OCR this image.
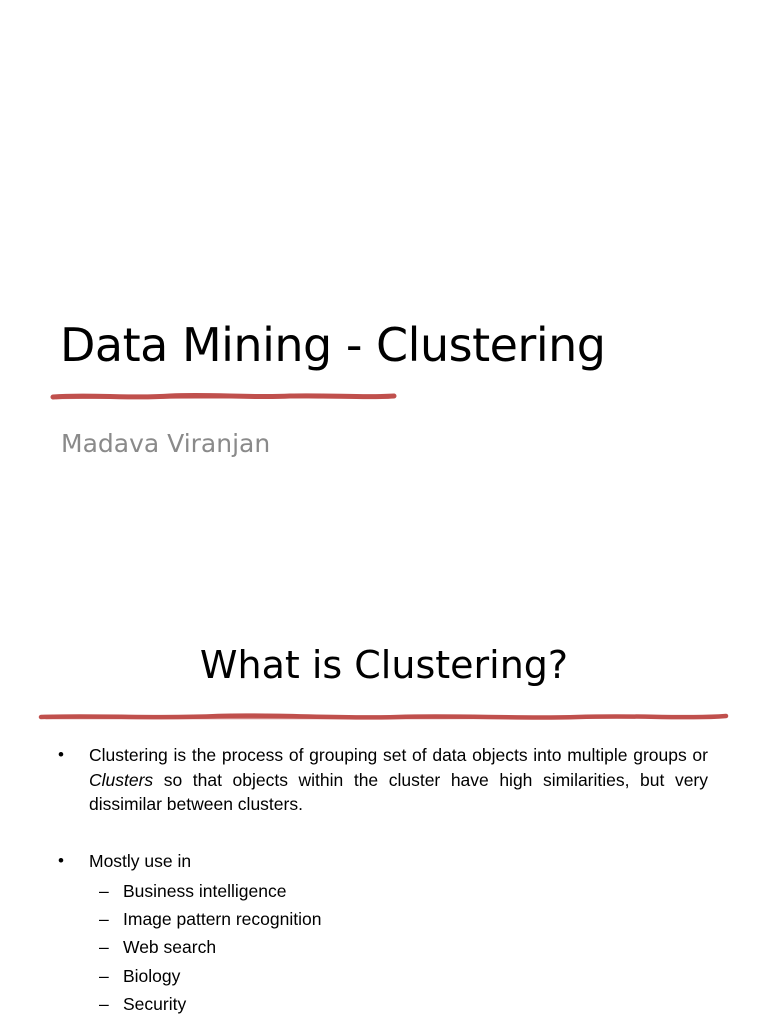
Data Mining - Clustering
Madava Viranjan
What is Clustering?
• Clustering is the process of grouping set of data objects into multiple groups or Clusters so that objects within the cluster have high similarities, but very dissimilar between clusters.
• Mostly use in
– Business intelligence
– Image pattern recognition
– Web search
– Biology
– Security
